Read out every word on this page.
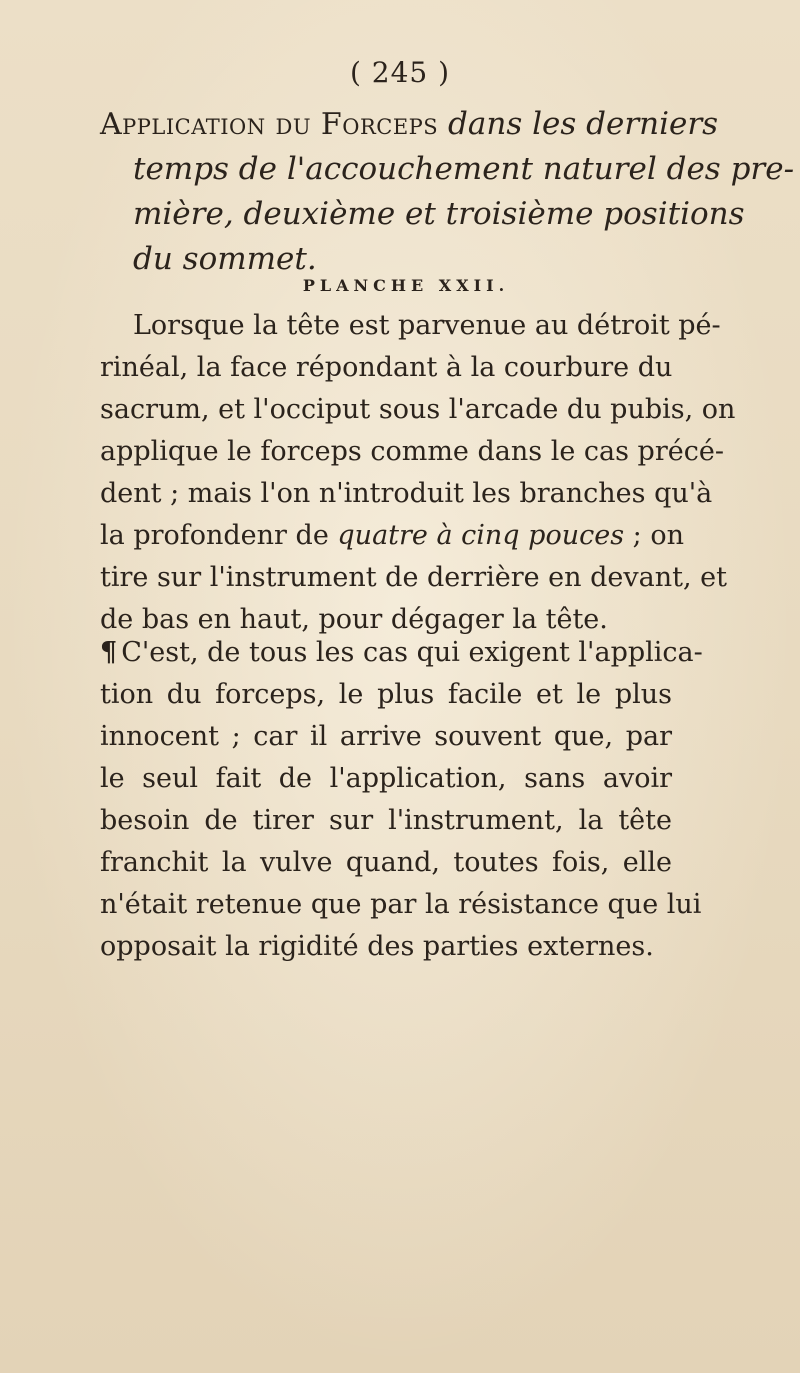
( 245 )
Application du Forceps dans les derniers
temps de l'accouchement naturel des pre-
mière, deuxième et troisième positions
du sommet.
PLANCHE XXII.
Lorsque la tête est parvenue au détroit pé-
rinéal, la face répondant à la courbure du
sacrum, et l'occiput sous l'arcade du pubis, on
applique le forceps comme dans le cas précé-
dent ; mais l'on n'introduit les branches qu'à
la profondenr de quatre à cinq pouces ; on
tire sur l'instrument de derrière en devant, et
de bas en haut, pour dégager la tête.
¶ C'est, de tous les cas qui exigent l'applica-
tion du forceps, le plus facile et le plus
innocent ; car il arrive souvent que, par
le seul fait de l'application, sans avoir
besoin de tirer sur l'instrument, la tête
franchit la vulve quand, toutes fois, elle
n'était retenue que par la résistance que lui
opposait la rigidité des parties externes.
